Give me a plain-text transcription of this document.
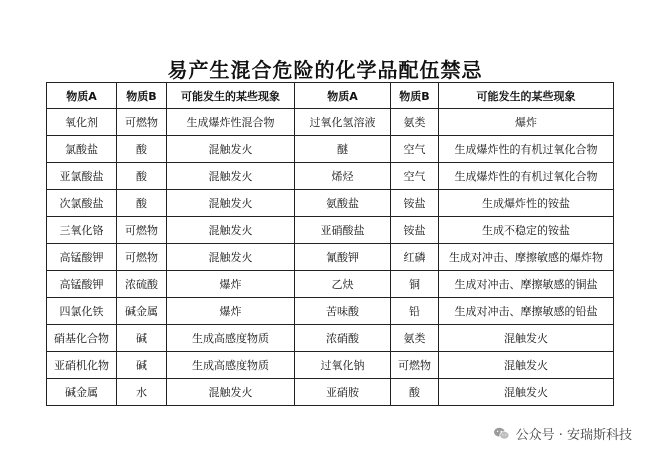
易产生混合危险的化学品配伍禁忌
物质A	物质B	可能发生的某些现象	物质A	物质B	可能发生的某些现象
氧化剂	可燃物	生成爆炸性混合物	过氧化氢溶液	氨类	爆炸
氯酸盐	酸	混触发火	醚	空气	生成爆炸性的有机过氧化合物
亚氯酸盐	酸	混触发火	烯烃	空气	生成爆炸性的有机过氧化合物
次氯酸盐	酸	混触发火	氨酸盐	铵盐	生成爆炸性的铵盐
三氧化铬	可燃物	混触发火	亚硝酸盐	铵盐	生成不稳定的铵盐
高锰酸钾	可燃物	混触发火	氰酸钾	红磷	生成对冲击、摩擦敏感的爆炸物
高锰酸钾	浓硫酸	爆炸	乙炔	铜	生成对冲击、摩擦敏感的铜盐
四氯化铁	碱金属	爆炸	苦味酸	铅	生成对冲击、摩擦敏感的铅盐
硝基化合物	碱	生成高感度物质	浓硝酸	氨类	混触发火
亚硝机化物	碱	生成高感度物质	过氧化钠	可燃物	混触发火
碱金属	水	混触发火	亚硝胺	酸	混触发火
公众号 · 安瑞斯科技
